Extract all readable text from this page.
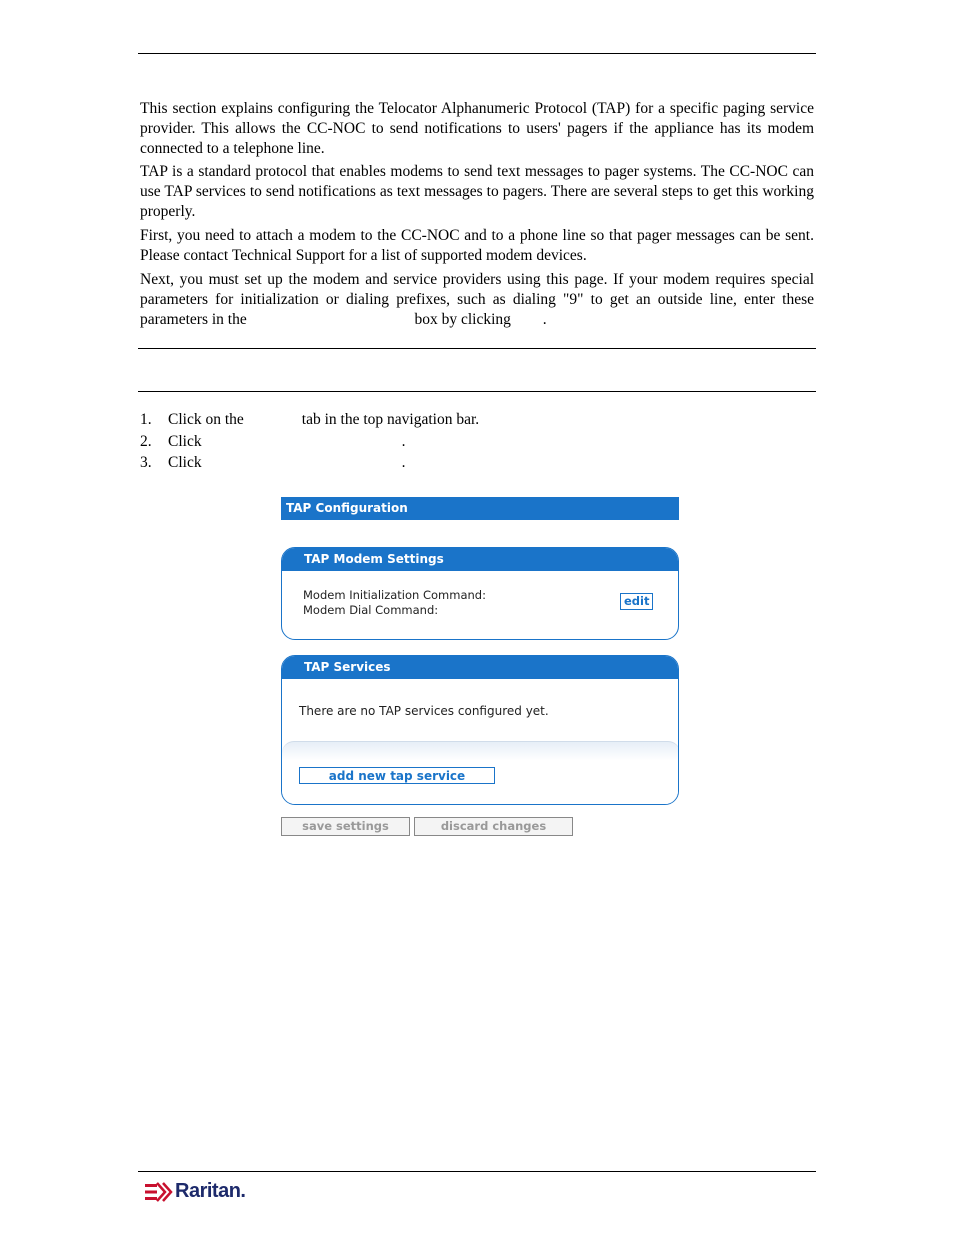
This section explains configuring the Telocator Alphanumeric Protocol (TAP) for a specific paging service provider. This allows the CC-NOC to send notifications to users' pagers if the appliance has its modem connected to a telephone line.

TAP is a standard protocol that enables modems to send text messages to pager systems. The CC-NOC can use TAP services to send notifications as text messages to pagers. There are several steps to get this working properly.

First, you need to attach a modem to the CC-NOC and to a phone line so that pager messages can be sent. Please contact Technical Support for a list of supported modem devices.

Next, you must set up the modem and service providers using this page. If your modem requires special parameters for initialization or dialing prefixes, such as dialing "9" to get an outside line, enter these parameters in the	box by clicking .

1. Click on the	tab in the top navigation bar.
2. Click	.
3. Click	.
TAP Configuration
TAP Modem Settings
Modem Initialization Command:
Modem Dial Command:
edit
TAP Services
There are no TAP services configured yet.
add new tap service
save settings	discard changes
Raritan.
